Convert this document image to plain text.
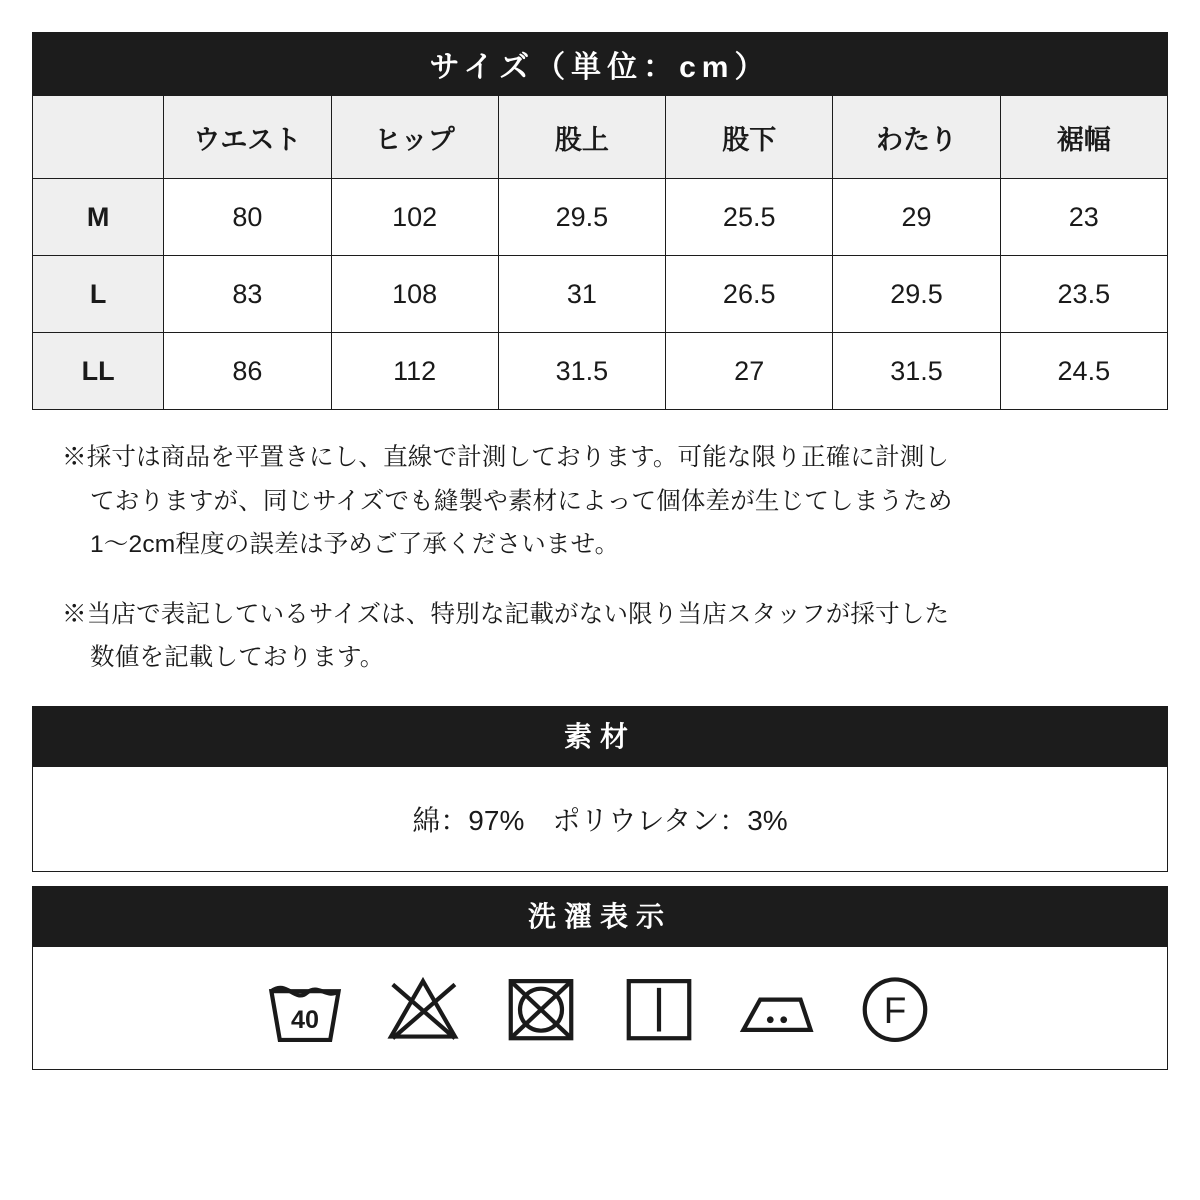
サイズ（単位：cm）						
	ウエスト	ヒップ	股上	股下	わたり	裾幅
M	80	102	29.5	25.5	29	23
L	83	108	31	26.5	29.5	23.5
LL	86	112	31.5	27	31.5	24.5

※採寸は商品を平置きにし、直線で計測しております。可能な限り正確に計測し
ておりますが、同じサイズでも縫製や素材によって個体差が生じてしまうため
1〜2cm程度の誤差は予めご了承くださいませ。

※当店で表記しているサイズは、特別な記載がない限り当店スタッフが採寸した
数値を記載しております。

素材
綿：97%　ポリウレタン：3%
洗濯表示
40	F
